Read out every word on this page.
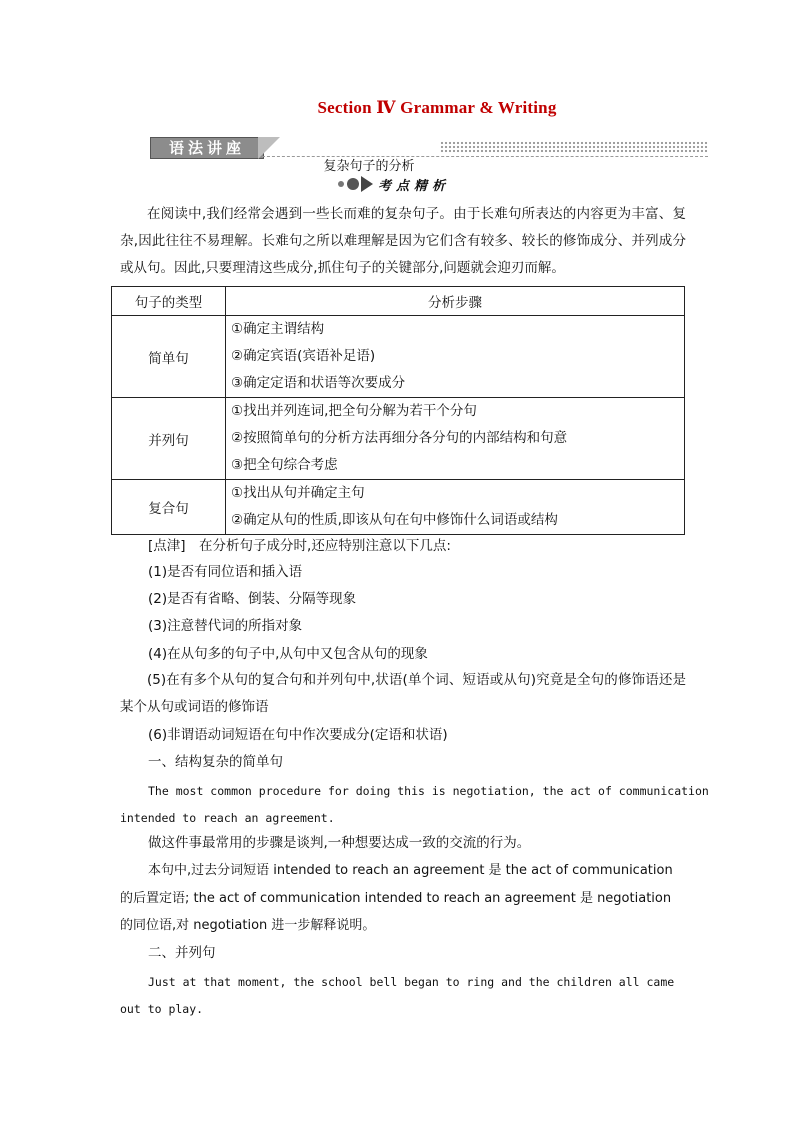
Section Ⅳ Grammar & Writing
语法讲座
复杂句子的分析
考点精析
在阅读中,我们经常会遇到一些长而难的复杂句子。由于长难句所表达的内容更为丰富、复杂,因此往往不易理解。长难句之所以难理解是因为它们含有较多、较长的修饰成分、并列成分或从句。因此,只要理清这些成分,抓住句子的关键部分,问题就会迎刃而解。
句子的类型	分析步骤
简单句	①确定主谓结构
②确定宾语(宾语补足语)
③确定定语和状语等次要成分

并列句	①找出并列连词,把全句分解为若干个分句
②按照简单句的分析方法再细分各分句的内部结构和句意
③把全句综合考虑

复合句	①找出从句并确定主句
②确定从句的性质,即该从句在句中修饰什么词语或结构
[点津]　在分析句子成分时,还应特别注意以下几点:
(1)是否有同位语和插入语
(2)是否有省略、倒装、分隔等现象
(3)注意替代词的所指对象
(4)在从句多的句子中,从句中又包含从句的现象
(5)在有多个从句的复合句和并列句中,状语(单个词、短语或从句)究竟是全句的修饰语还是某个从句或词语的修饰语
(6)非谓语动词短语在句中作次要成分(定语和状语)
一、结构复杂的简单句
The most common procedure for doing this is negotiation, the act of communication
intended to reach an agreement.
做这件事最常用的步骤是谈判,一种想要达成一致的交流的行为。
本句中,过去分词短语 intended to reach an agreement 是 the act of communication
的后置定语; the act of communication intended to reach an agreement 是 negotiation
的同位语,对 negotiation 进一步解释说明。
二、并列句
Just at that moment, the school bell began to ring and the children all came
out to play.
